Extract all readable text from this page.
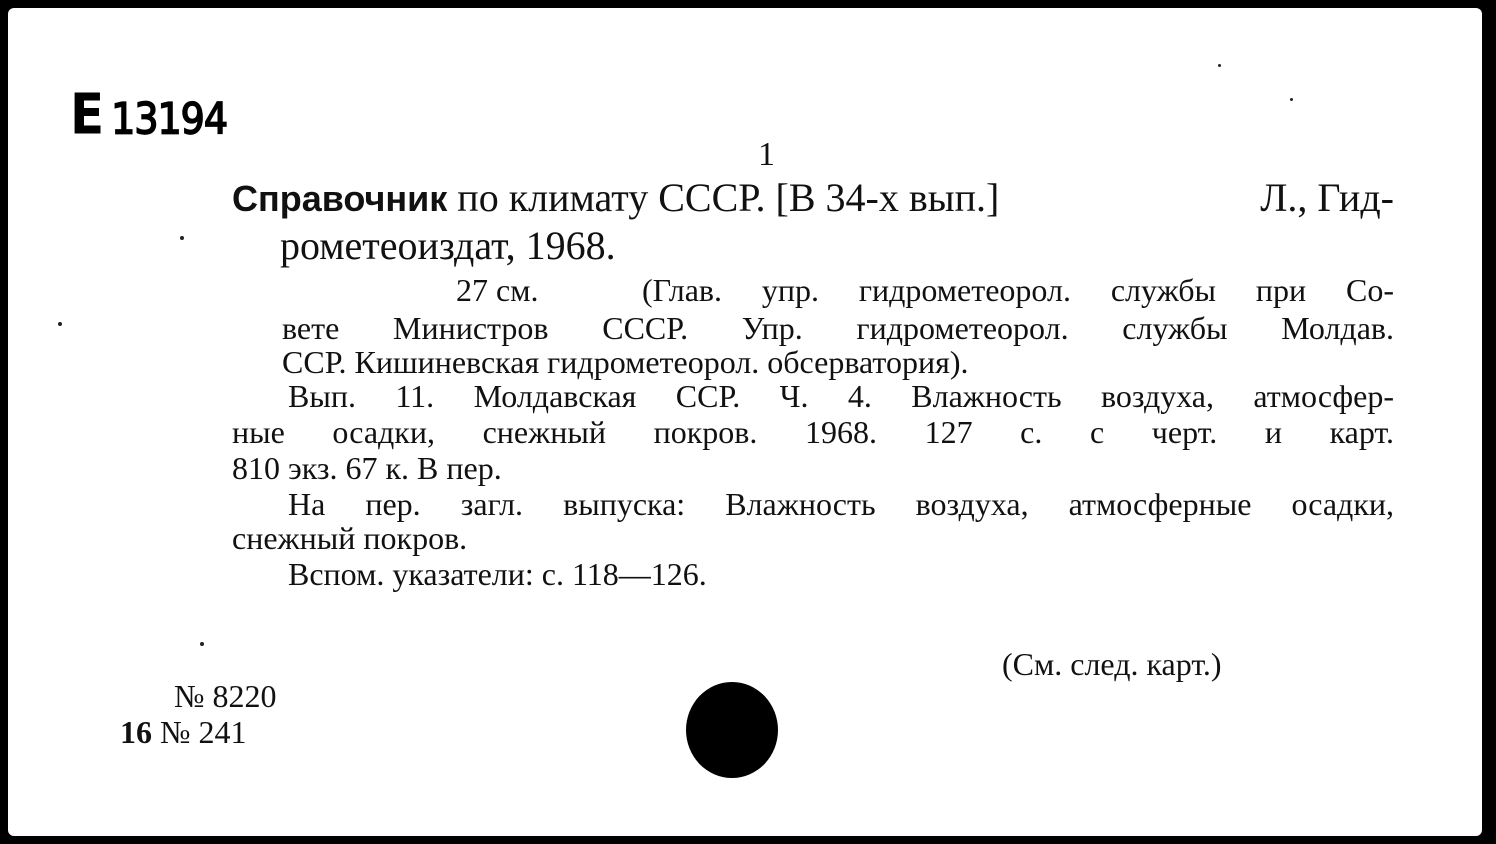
Е 13194
1
Справочник по климату СССР. [В 34-х вып.]	Л., Гид-
рометеоиздат, 1968.
27 см.	(Глав. упр. гидрометеорол. службы при Со-
вете Министров СССР. Упр. гидрометеорол. службы Молдав.
ССР. Кишиневская гидрометеорол. обсерватория).
Вып. 11. Молдавская ССР. Ч. 4. Влажность воздуха, атмосфер-
ные осадки, снежный покров. 1968. 127 с. с черт. и карт.
810 экз. 67 к. В пер.
На пер. загл. выпуска: Влажность воздуха, атмосферные осадки,
снежный покров.
Вспом. указатели: с. 118—126.
(См. след. карт.)
№ 8220
16 № 241
